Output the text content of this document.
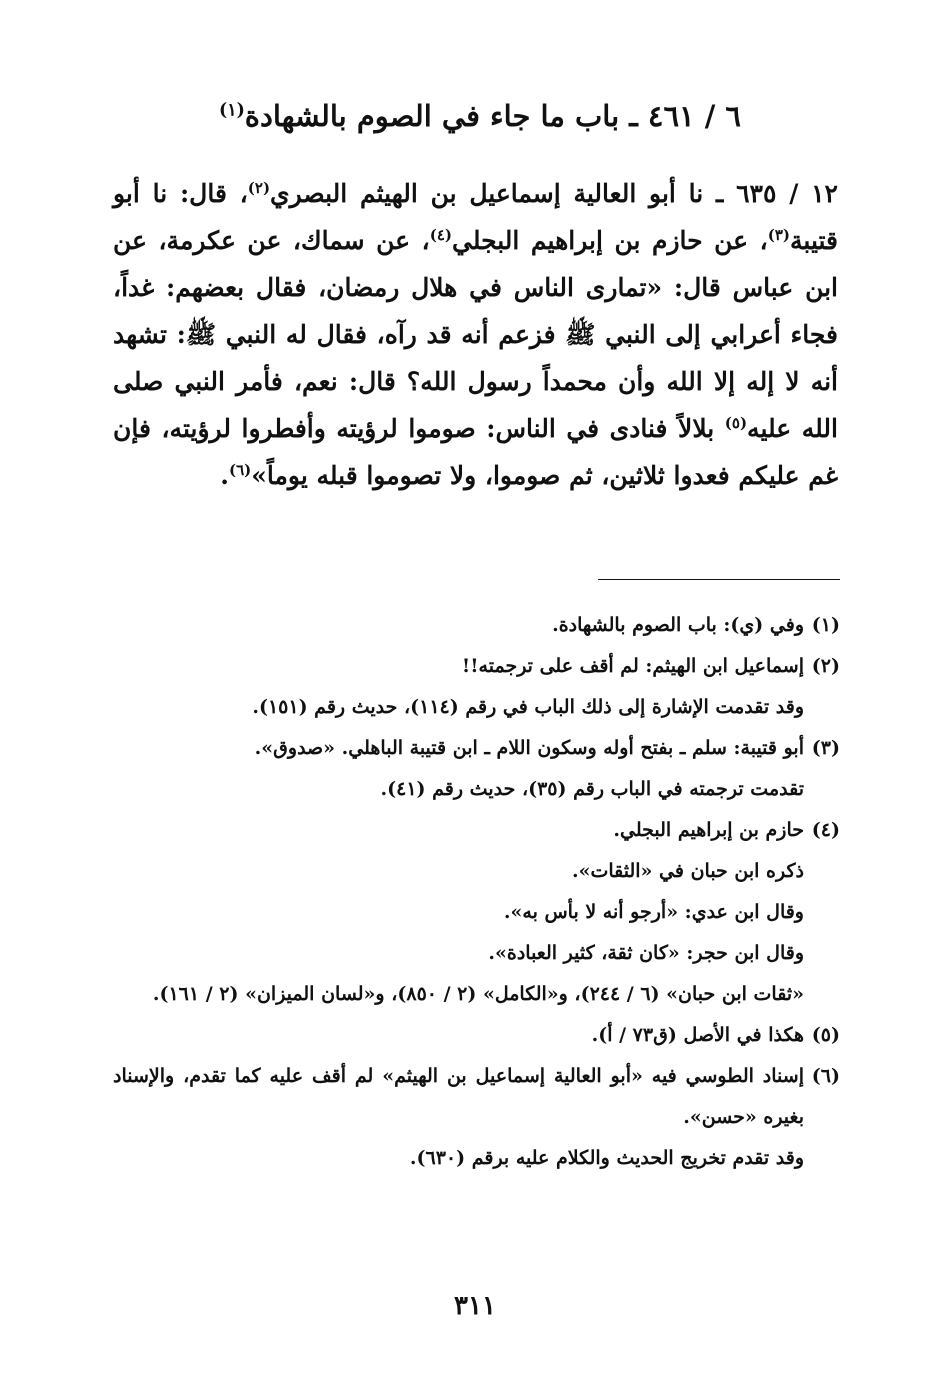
٦ / ٤٦١ ـ باب ما جاء في الصوم بالشهادة$^{(١)}$

١٢ / ٦٣٥ ـ نا أبو العالية إسماعيل بن الهيثم البصري$^{(٢)}$، قال: نا أبو قتيبة$^{(٣)}$، عن حازم بن إبراهيم البجلي$^{(٤)}$، عن سماك، عن عكرمة، عن ابن عباس قال: «تمارى الناس في هلال رمضان، فقال بعضهم: غداً، فجاء أعرابي إلى النبي ﷺ فزعم أنه قد رآه، فقال له النبي ﷺ: تشهد أنه لا إله إلا الله وأن محمداً رسول الله؟ قال: نعم، فأمر النبي صلى الله عليه$^{(٥)}$ بلالاً فنادى في الناس: صوموا لرؤيته وأفطروا لرؤيته، فإن غم عليكم فعدوا ثلاثين، ثم صوموا، ولا تصوموا قبله يوماً»$^{(٦)}$.

(١)وفي (ي): باب الصوم بالشهادة.
(٢)إسماعيل ابن الهيثم: لم أقف على ترجمته!!
وقد تقدمت الإشارة إلى ذلك الباب في رقم (١١٤)، حديث رقم (١٥١).
(٣)أبو قتيبة: سلم ـ بفتح أوله وسكون اللام ـ ابن قتيبة الباهلي. «صدوق».
تقدمت ترجمته في الباب رقم (٣٥)، حديث رقم (٤١).
(٤)حازم بن إبراهيم البجلي.
ذكره ابن حبان في «الثقات».
وقال ابن عدي: «أرجو أنه لا بأس به».
وقال ابن حجر: «كان ثقة، كثير العبادة».
«ثقات ابن حبان» (٦ / ٢٤٤)، و«الكامل» (٢ / ٨٥٠)، و«لسان الميزان» (٢ / ١٦١).
(٥)هكذا في الأصل (ق٧٣ / أ).
(٦)
إسناد الطوسي فيه «أبو العالية إسماعيل بن الهيثم» لم أقف عليه كما تقدم، والإسناد بغيره «حسن».
وقد تقدم تخريج الحديث والكلام عليه برقم (٦٣٠).
٣١١
